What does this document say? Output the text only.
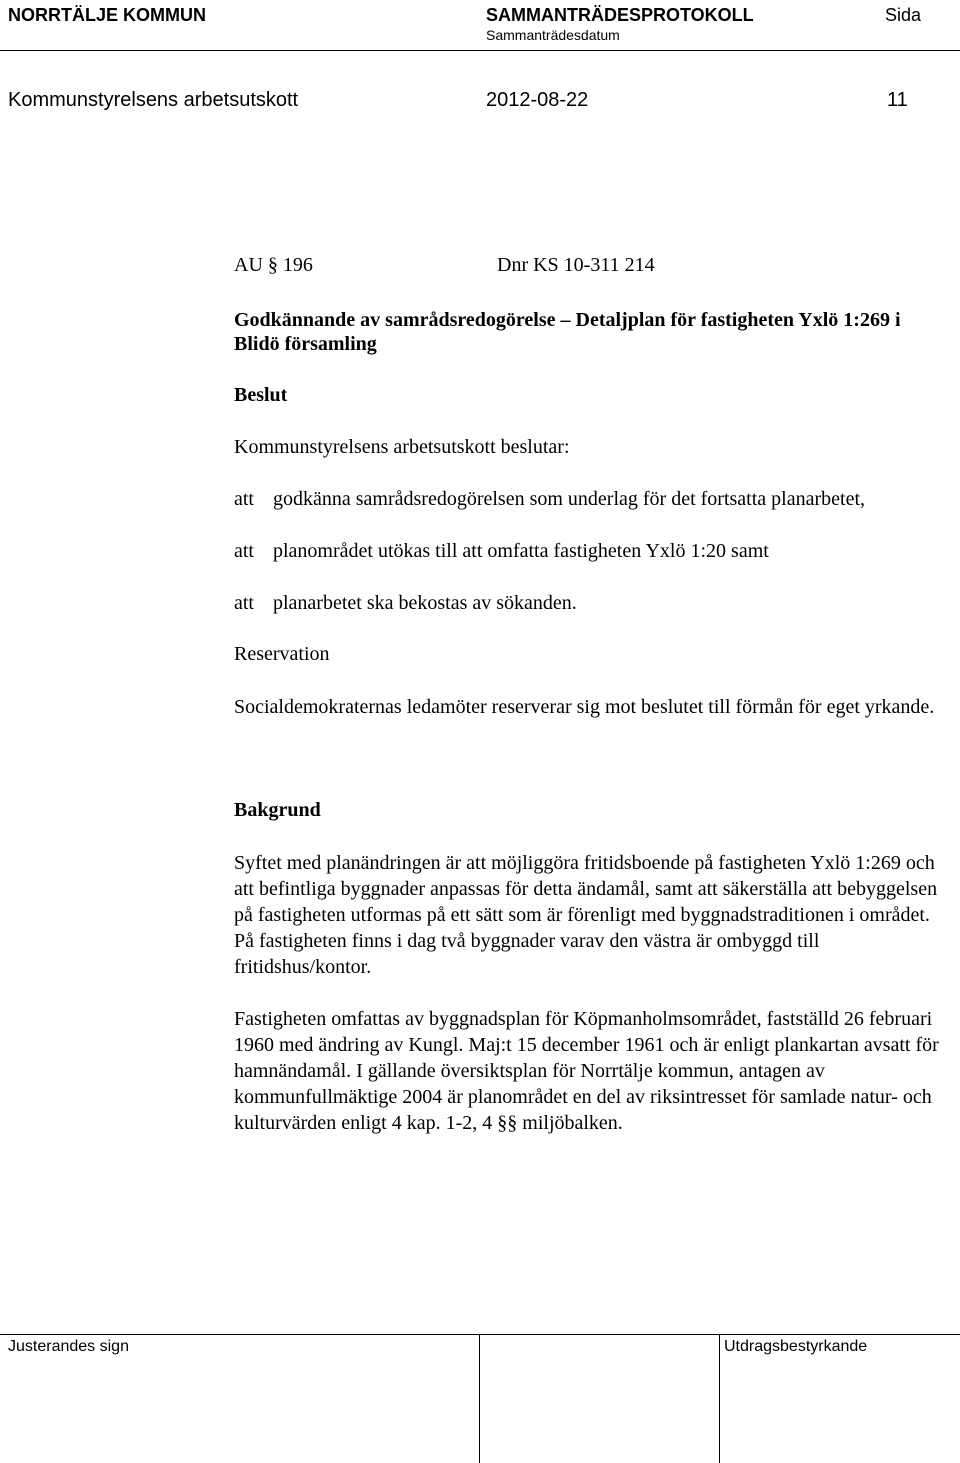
NORRTÄLJE KOMMUN	SAMMANTRÄDESPROTOKOLL
Sammanträdesdatum
Sida
Kommunstyrelsens arbetsutskott	2012-08-22	11
AU § 196	Dnr KS 10-311 214
Godkännande av samrådsredogörelse – Detaljplan för fastigheten Yxlö 1:269 i Blidö församling
Beslut
Kommunstyrelsens arbetsutskott beslutar:
att godkänna samrådsredogörelsen som underlag för det fortsatta planarbetet,
att planområdet utökas till att omfatta fastigheten Yxlö 1:20 samt
att planarbetet ska bekostas av sökanden.
Reservation
Socialdemokraternas ledamöter reserverar sig mot beslutet till förmån för eget yrkande.
Bakgrund
Syftet med planändringen är att möjliggöra fritidsboende på fastigheten Yxlö 1:269 och att befintliga byggnader anpassas för detta ändamål, samt att säkerställa att bebyggelsen på fastigheten utformas på ett sätt som är förenligt med byggnadstraditionen i området. På fastigheten finns i dag två byggnader varav den västra är ombyggd till fritidshus/kontor.
Fastigheten omfattas av byggnadsplan för Köpmanholmsområdet, fastställd 26 februari 1960 med ändring av Kungl. Maj:t 15 december 1961 och är enligt plankartan avsatt för hamnändamål. I gällande översiktsplan för Norrtälje kommun, antagen av kommunfullmäktige 2004 är planområdet en del av riksintresset för samlade natur- och kulturvärden enligt 4 kap. 1-2, 4 §§ miljöbalken.
Justerandes sign	Utdragsbestyrkande
